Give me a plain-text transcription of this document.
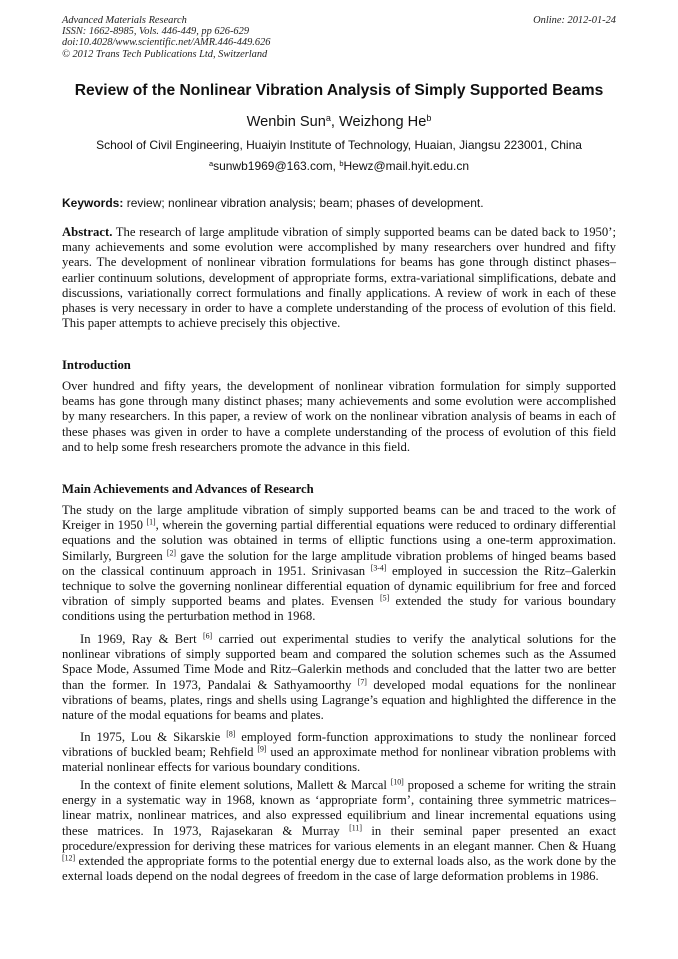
Advanced Materials Research
ISSN: 1662-8985, Vols. 446-449, pp 626-629
doi:10.4028/www.scientific.net/AMR.446-449.626
© 2012 Trans Tech Publications Ltd, Switzerland
Online: 2012-01-24
Review of the Nonlinear Vibration Analysis of Simply Supported Beams
Wenbin Sun$^a$, Weizhong He$^b$
School of Civil Engineering, Huaiyin Institute of Technology, Huaian, Jiangsu 223001, China
$^a$sunwb1969@163.com, $^b$Hewz@mail.hyit.edu.cn
Keywords: review; nonlinear vibration analysis; beam; phases of development.

Abstract. The research of large amplitude vibration of simply supported beams can be dated back to 1950’; many achievements and some evolution were accomplished by many researchers over hundred and fifty years. The development of nonlinear vibration formulations for beams has gone through distinct phases–earlier continuum solutions, development of appropriate forms, extra-variational simplifications, debate and discussions, variationally correct formulations and finally applications. A review of work in each of these phases is very necessary in order to have a complete understanding of the process of evolution of this field. This paper attempts to achieve precisely this objective.

Introduction

Over hundred and fifty years, the development of nonlinear vibration formulation for simply supported beams has gone through many distinct phases; many achievements and some evolution were accomplished by many researchers. In this paper, a review of work on the nonlinear vibration analysis of beams in each of these phases was given in order to have a complete understanding of the process of evolution of this field and to help some fresh researchers promote the advance in this field.

Main Achievements and Advances of Research

The study on the large amplitude vibration of simply supported beams can be and traced to the work of Kreiger in 1950 [1], wherein the governing partial differential equations were reduced to ordinary differential equations and the solution was obtained in terms of elliptic functions using a one-term approximation. Similarly, Burgreen [2] gave the solution for the large amplitude vibration problems of hinged beams based on the classical continuum approach in 1951. Srinivasan [3-4] employed in succession the Ritz–Galerkin technique to solve the governing nonlinear differential equation of dynamic equilibrium for free and forced vibration of simply supported beams and plates. Evensen [5] extended the study for various boundary conditions using the perturbation method in 1968.

In 1969, Ray & Bert [6] carried out experimental studies to verify the analytical solutions for the nonlinear vibrations of simply supported beam and compared the solution schemes such as the Assumed Space Mode, Assumed Time Mode and Ritz–Galerkin methods and concluded that the latter two are better than the former. In 1973, Pandalai & Sathyamoorthy [7] developed modal equations for the nonlinear vibrations of beams, plates, rings and shells using Lagrange’s equation and highlighted the difference in the nature of the modal equations for beams and plates.

In 1975, Lou & Sikarskie [8] employed form-function approximations to study the nonlinear forced vibrations of buckled beam; Rehfield [9] used an approximate method for nonlinear vibration problems with material nonlinear effects for various boundary conditions.

In the context of finite element solutions, Mallett & Marcal [10] proposed a scheme for writing the strain energy in a systematic way in 1968, known as ‘appropriate form’, containing three symmetric matrices–linear matrix, nonlinear matrices, and also expressed equilibrium and linear incremental equations using these matrices. In 1973, Rajasekaran & Murray [11] in their seminal paper presented an exact procedure/expression for deriving these matrices for various elements in an elegant manner. Chen & Huang [12] extended the appropriate forms to the potential energy due to external loads also, as the work done by the external loads depend on the nodal degrees of freedom in the case of large deformation problems in 1986.
